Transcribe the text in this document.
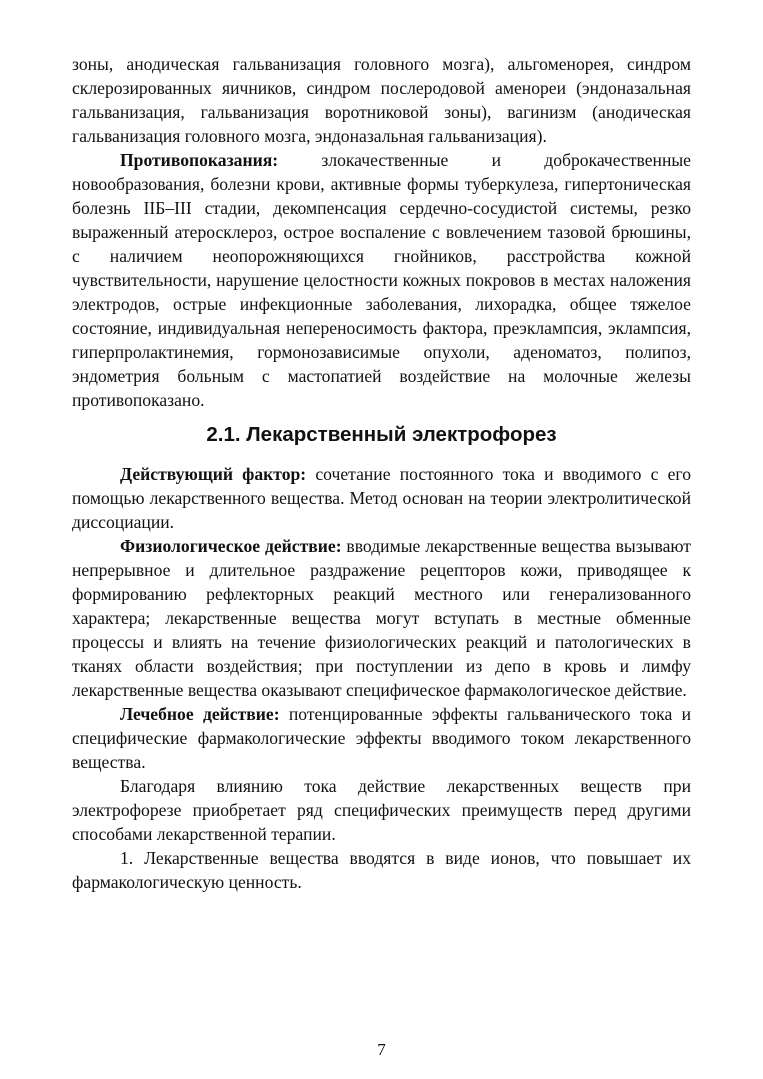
зоны, анодическая гальванизация головного мозга), альгоменорея, синдром склерозированных яичников, синдром послеродовой аменореи (эндоназальная гальванизация, гальванизация воротниковой зоны), вагинизм (анодическая гальванизация головного мозга, эндоназальная гальванизация).

Противопоказания: злокачественные и доброкачественные новообразования, болезни крови, активные формы туберкулеза, гипертоническая болезнь IIБ–III стадии, декомпенсация сердечно-сосудистой системы, резко выраженный атеросклероз, острое воспаление с вовлечением тазовой брюшины, с наличием неопорожняющихся гнойников, расстройства кожной чувствительности, нарушение целостности кожных покровов в местах наложения электродов, острые инфекционные заболевания, лихорадка, общее тяжелое состояние, индивидуальная непереносимость фактора, преэклампсия, эклампсия, гиперпролактинемия, гормонозависимые опухоли, аденоматоз, полипоз, эндометрия больным с мастопатией воздействие на молочные железы противопоказано.

2.1. Лекарственный электрофорез

Действующий фактор: сочетание постоянного тока и вводимого с его помощью лекарственного вещества. Метод основан на теории электролитической диссоциации.

Физиологическое действие: вводимые лекарственные вещества вызывают непрерывное и длительное раздражение рецепторов кожи, приводящее к формированию рефлекторных реакций местного или генерализованного характера; лекарственные вещества могут вступать в местные обменные процессы и влиять на течение физиологических реакций и патологических в тканях области воздействия; при поступлении из депо в кровь и лимфу лекарственные вещества оказывают специфическое фармакологическое действие.

Лечебное действие: потенцированные эффекты гальванического тока и специфические фармакологические эффекты вводимого током лекарственного вещества.

Благодаря влиянию тока действие лекарственных веществ при электрофорезе приобретает ряд специфических преимуществ перед другими способами лекарственной терапии.

1. Лекарственные вещества вводятся в виде ионов, что повышает их фармакологическую ценность.

7
